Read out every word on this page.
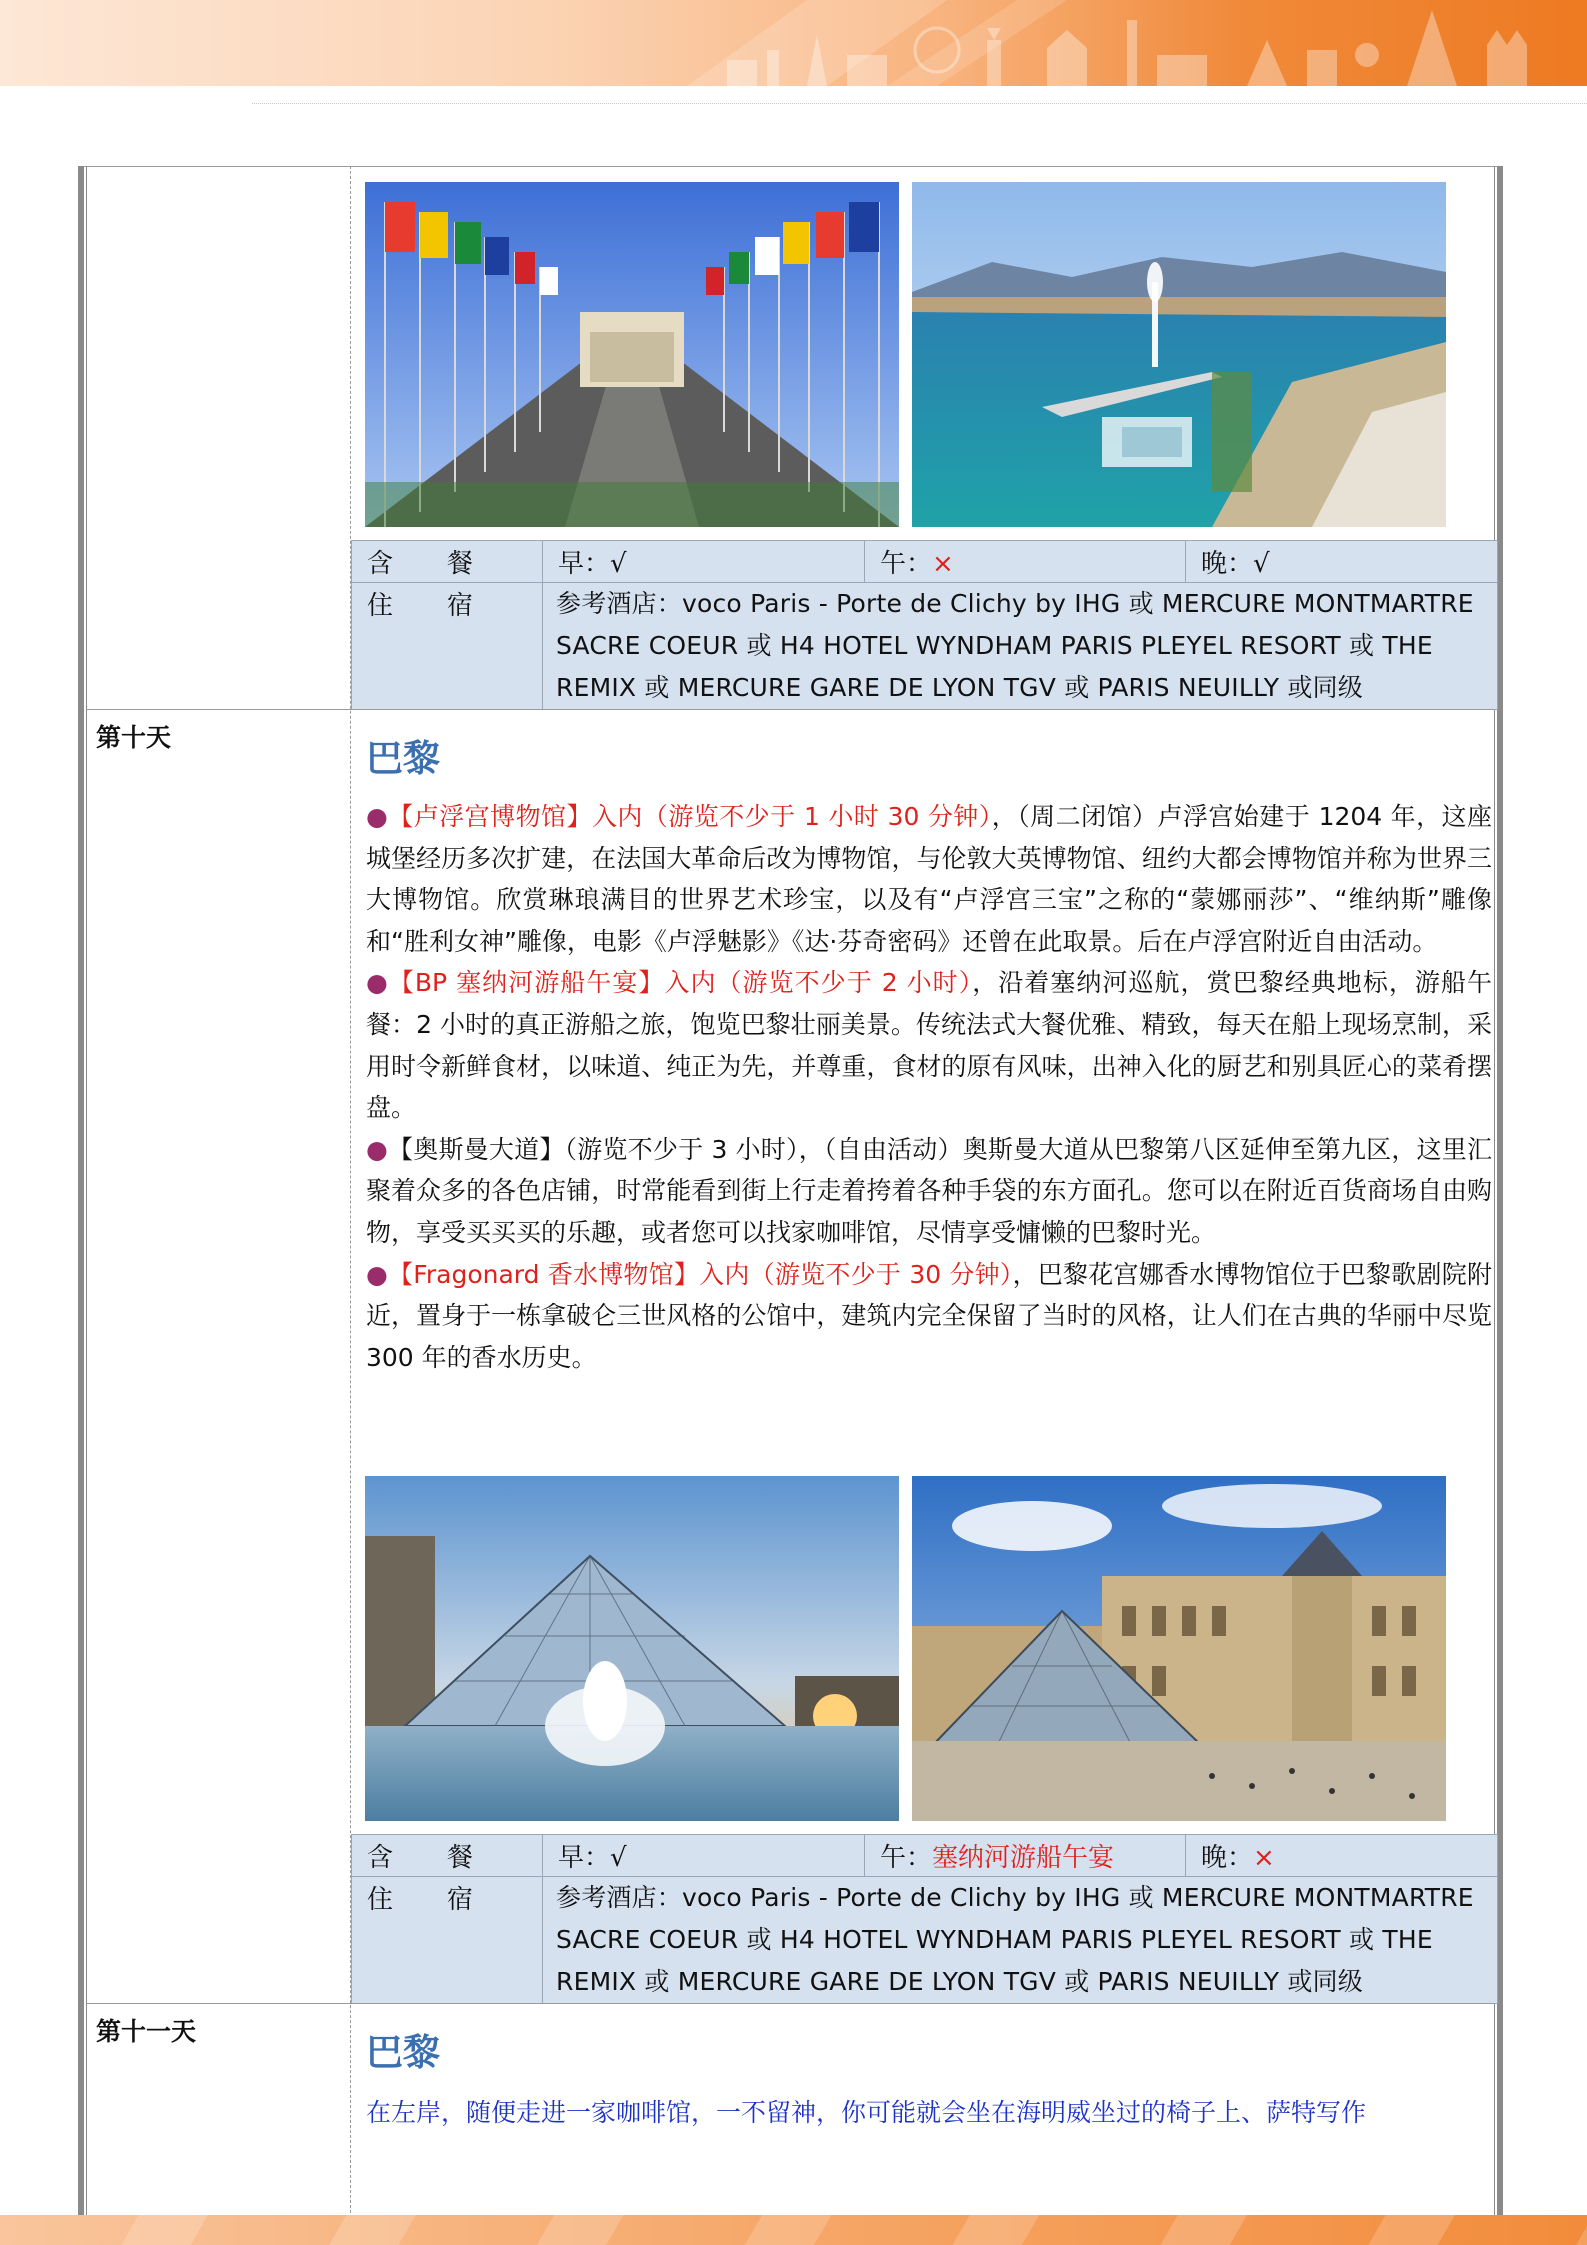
含　餐	早：√	午：×	晚：√
住　宿	参考酒店：voco Paris - Porte de Clichy by IHG 或 MERCURE MONTMARTRE SACRE COEUR 或 H4 HOTEL WYNDHAM PARIS PLEYEL RESORT 或 THE REMIX 或 MERCURE GARE DE LYON TGV 或 PARIS NEUILLY 或同级		
第十天	巴黎
●【卢浮宫博物馆】入内（游览不少于 1 小时 30 分钟），（周二闭馆）卢浮宫始建于 1204 年，这座城堡经历多次扩建，在法国大革命后改为博物馆，与伦敦大英博物馆、纽约大都会博物馆并称为世界三大博物馆。欣赏琳琅满目的世界艺术珍宝，以及有“卢浮宫三宝”之称的“蒙娜丽莎”、“维纳斯”雕像和“胜利女神”雕像，电影《卢浮魅影》《达·芬奇密码》还曾在此取景。后在卢浮宫附近自由活动。
●【BP 塞纳河游船午宴】入内（游览不少于 2 小时），沿着塞纳河巡航，赏巴黎经典地标，游船午餐：2 小时的真正游船之旅，饱览巴黎壮丽美景。传统法式大餐优雅、精致，每天在船上现场烹制，采用时令新鲜食材，以味道、纯正为先，并尊重，食材的原有风味，出神入化的厨艺和别具匠心的菜肴摆盘。
●【奥斯曼大道】（游览不少于 3 小时），（自由活动）奥斯曼大道从巴黎第八区延伸至第九区，这里汇聚着众多的各色店铺，时常能看到街上行走着挎着各种手袋的东方面孔。您可以在附近百货商场自由购物，享受买买买的乐趣，或者您可以找家咖啡馆，尽情享受慵懒的巴黎时光。
●【Fragonard 香水博物馆】入内（游览不少于 30 分钟），巴黎花宫娜香水博物馆位于巴黎歌剧院附近，置身于一栋拿破仑三世风格的公馆中，建筑内完全保留了当时的风格，让人们在古典的华丽中尽览 300 年的香水历史。
含　餐	早：√	午：塞纳河游船午宴	晚：×
住　宿	参考酒店：voco Paris - Porte de Clichy by IHG 或 MERCURE MONTMARTRE SACRE COEUR 或 H4 HOTEL WYNDHAM PARIS PLEYEL RESORT 或 THE REMIX 或 MERCURE GARE DE LYON TGV 或 PARIS NEUILLY 或同级		
第十一天	巴黎
在左岸，随便走进一家咖啡馆，一不留神，你可能就会坐在海明威坐过的椅子上、萨特写作
